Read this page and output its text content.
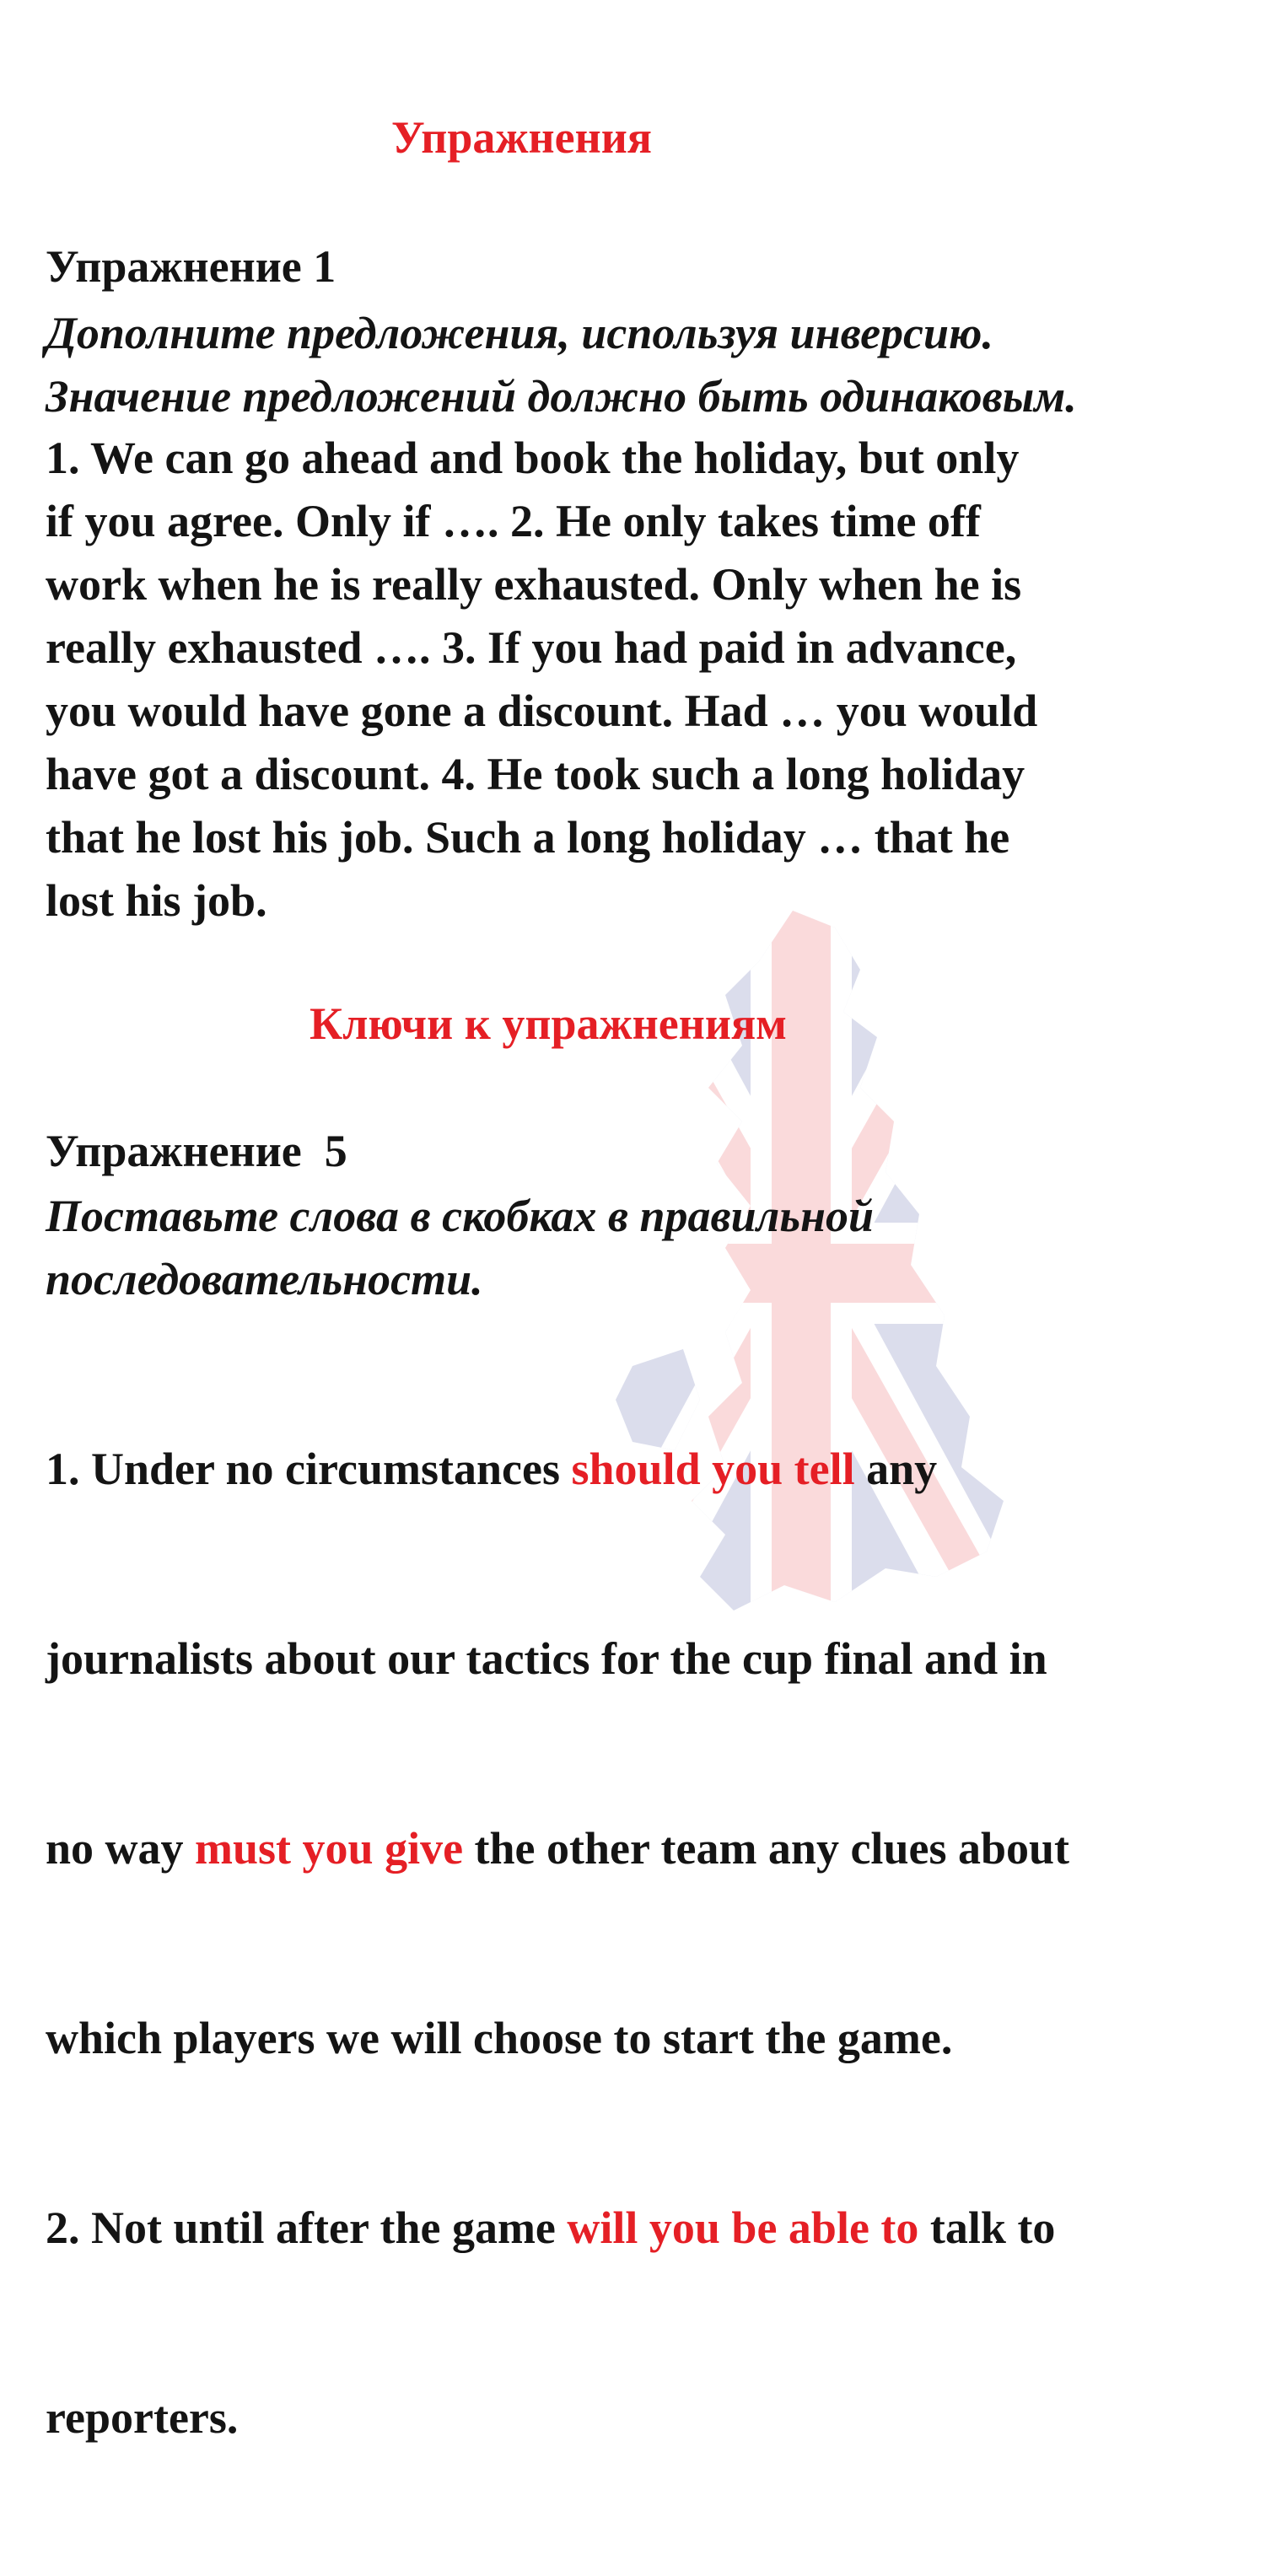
Упражнения
Упражнение 1
Дополните предложения, используя инверсию.
Значение предложений должно быть одинаковым.
1. We can go ahead and book the holiday, but only
if you agree. Only if …. 2. He only takes time off
work when he is really exhausted. Only when he is
really exhausted …. 3. If you had paid in advance,
you would have gone a discount. Had … you would
have got a discount. 4. He took such a long holiday
that he lost his job. Such a long holiday … that he
lost his job.
Ключи к упражнениям
Упражнение  5
Поставьте слова в скобках в правильной
последовательности.

1. Under no circumstances should you tell any

journalists about our tactics for the cup final and in

no way must you give the other team any clues about

which players we will choose to start the game.

2. Not until after the game will you be able to talk to

reporters.
